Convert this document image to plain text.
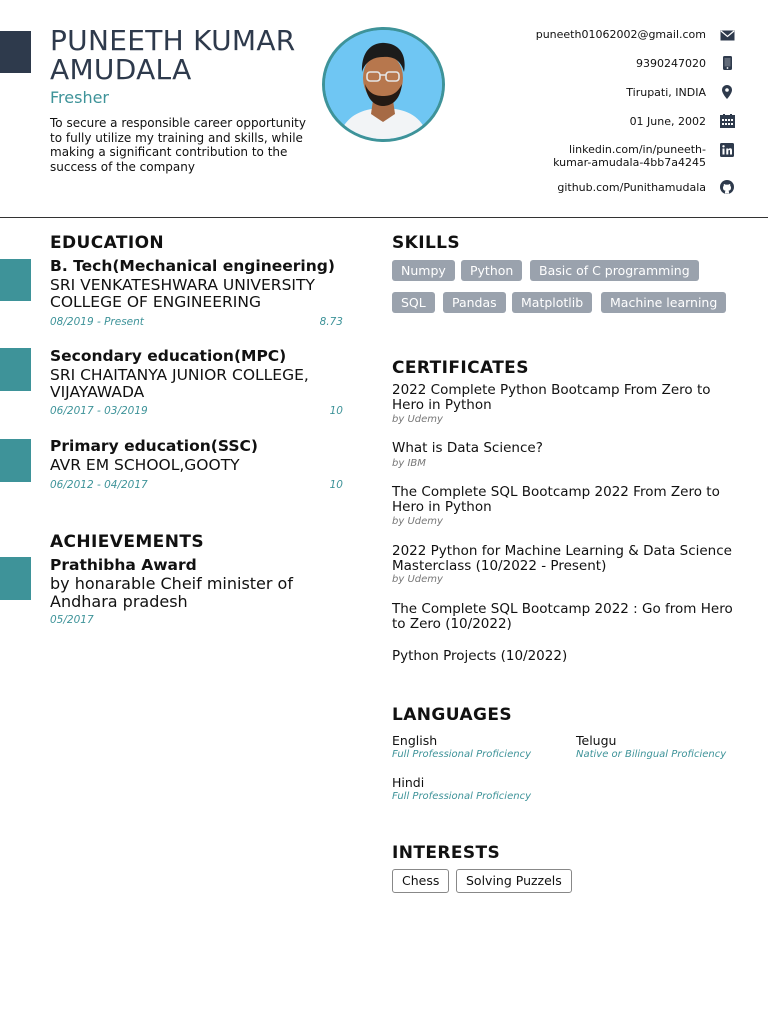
PUNEETH KUMAR AMUDALA
Fresher

To secure a responsible career opportunity to fully utilize my training and skills, while making a significant contribution to the success of the company

puneeth01062002@gmail.com
9390247020
Tirupati, INDIA
01 June, 2002
linkedin.com/in/puneeth-kumar-amudala-4bb7a4245
github.com/Punithamudala
EDUCATION
B. Tech(Mechanical engineering)
SRI VENKATESHWARA UNIVERSITY COLLEGE OF ENGINEERING
08/2019 - Present	8.73
Secondary education(MPC)
SRI CHAITANYA JUNIOR COLLEGE, VIJAYAWADA
06/2017 - 03/2019	10
Primary education(SSC)
AVR EM SCHOOL,GOOTY
06/2012 - 04/2017	10
ACHIEVEMENTS
Prathibha Award
by honarable Cheif minister of Andhara pradesh
05/2017
SKILLS
Numpy	Python	Basic of C programming
SQL	Pandas	Matplotlib	Machine learning
CERTIFICATES
2022 Complete Python Bootcamp From Zero to Hero in Python
by Udemy
What is Data Science?
by IBM
The Complete SQL Bootcamp 2022 From Zero to Hero in Python
by Udemy
2022 Python for Machine Learning & Data Science Masterclass (10/2022 - Present)
by Udemy
The Complete SQL Bootcamp 2022 : Go from Hero to Zero (10/2022)
Python Projects (10/2022)
LANGUAGES
English
Full Professional Proficiency
Telugu
Native or Bilingual Proficiency
Hindi
Full Professional Proficiency
INTERESTS
Chess	Solving Puzzels
